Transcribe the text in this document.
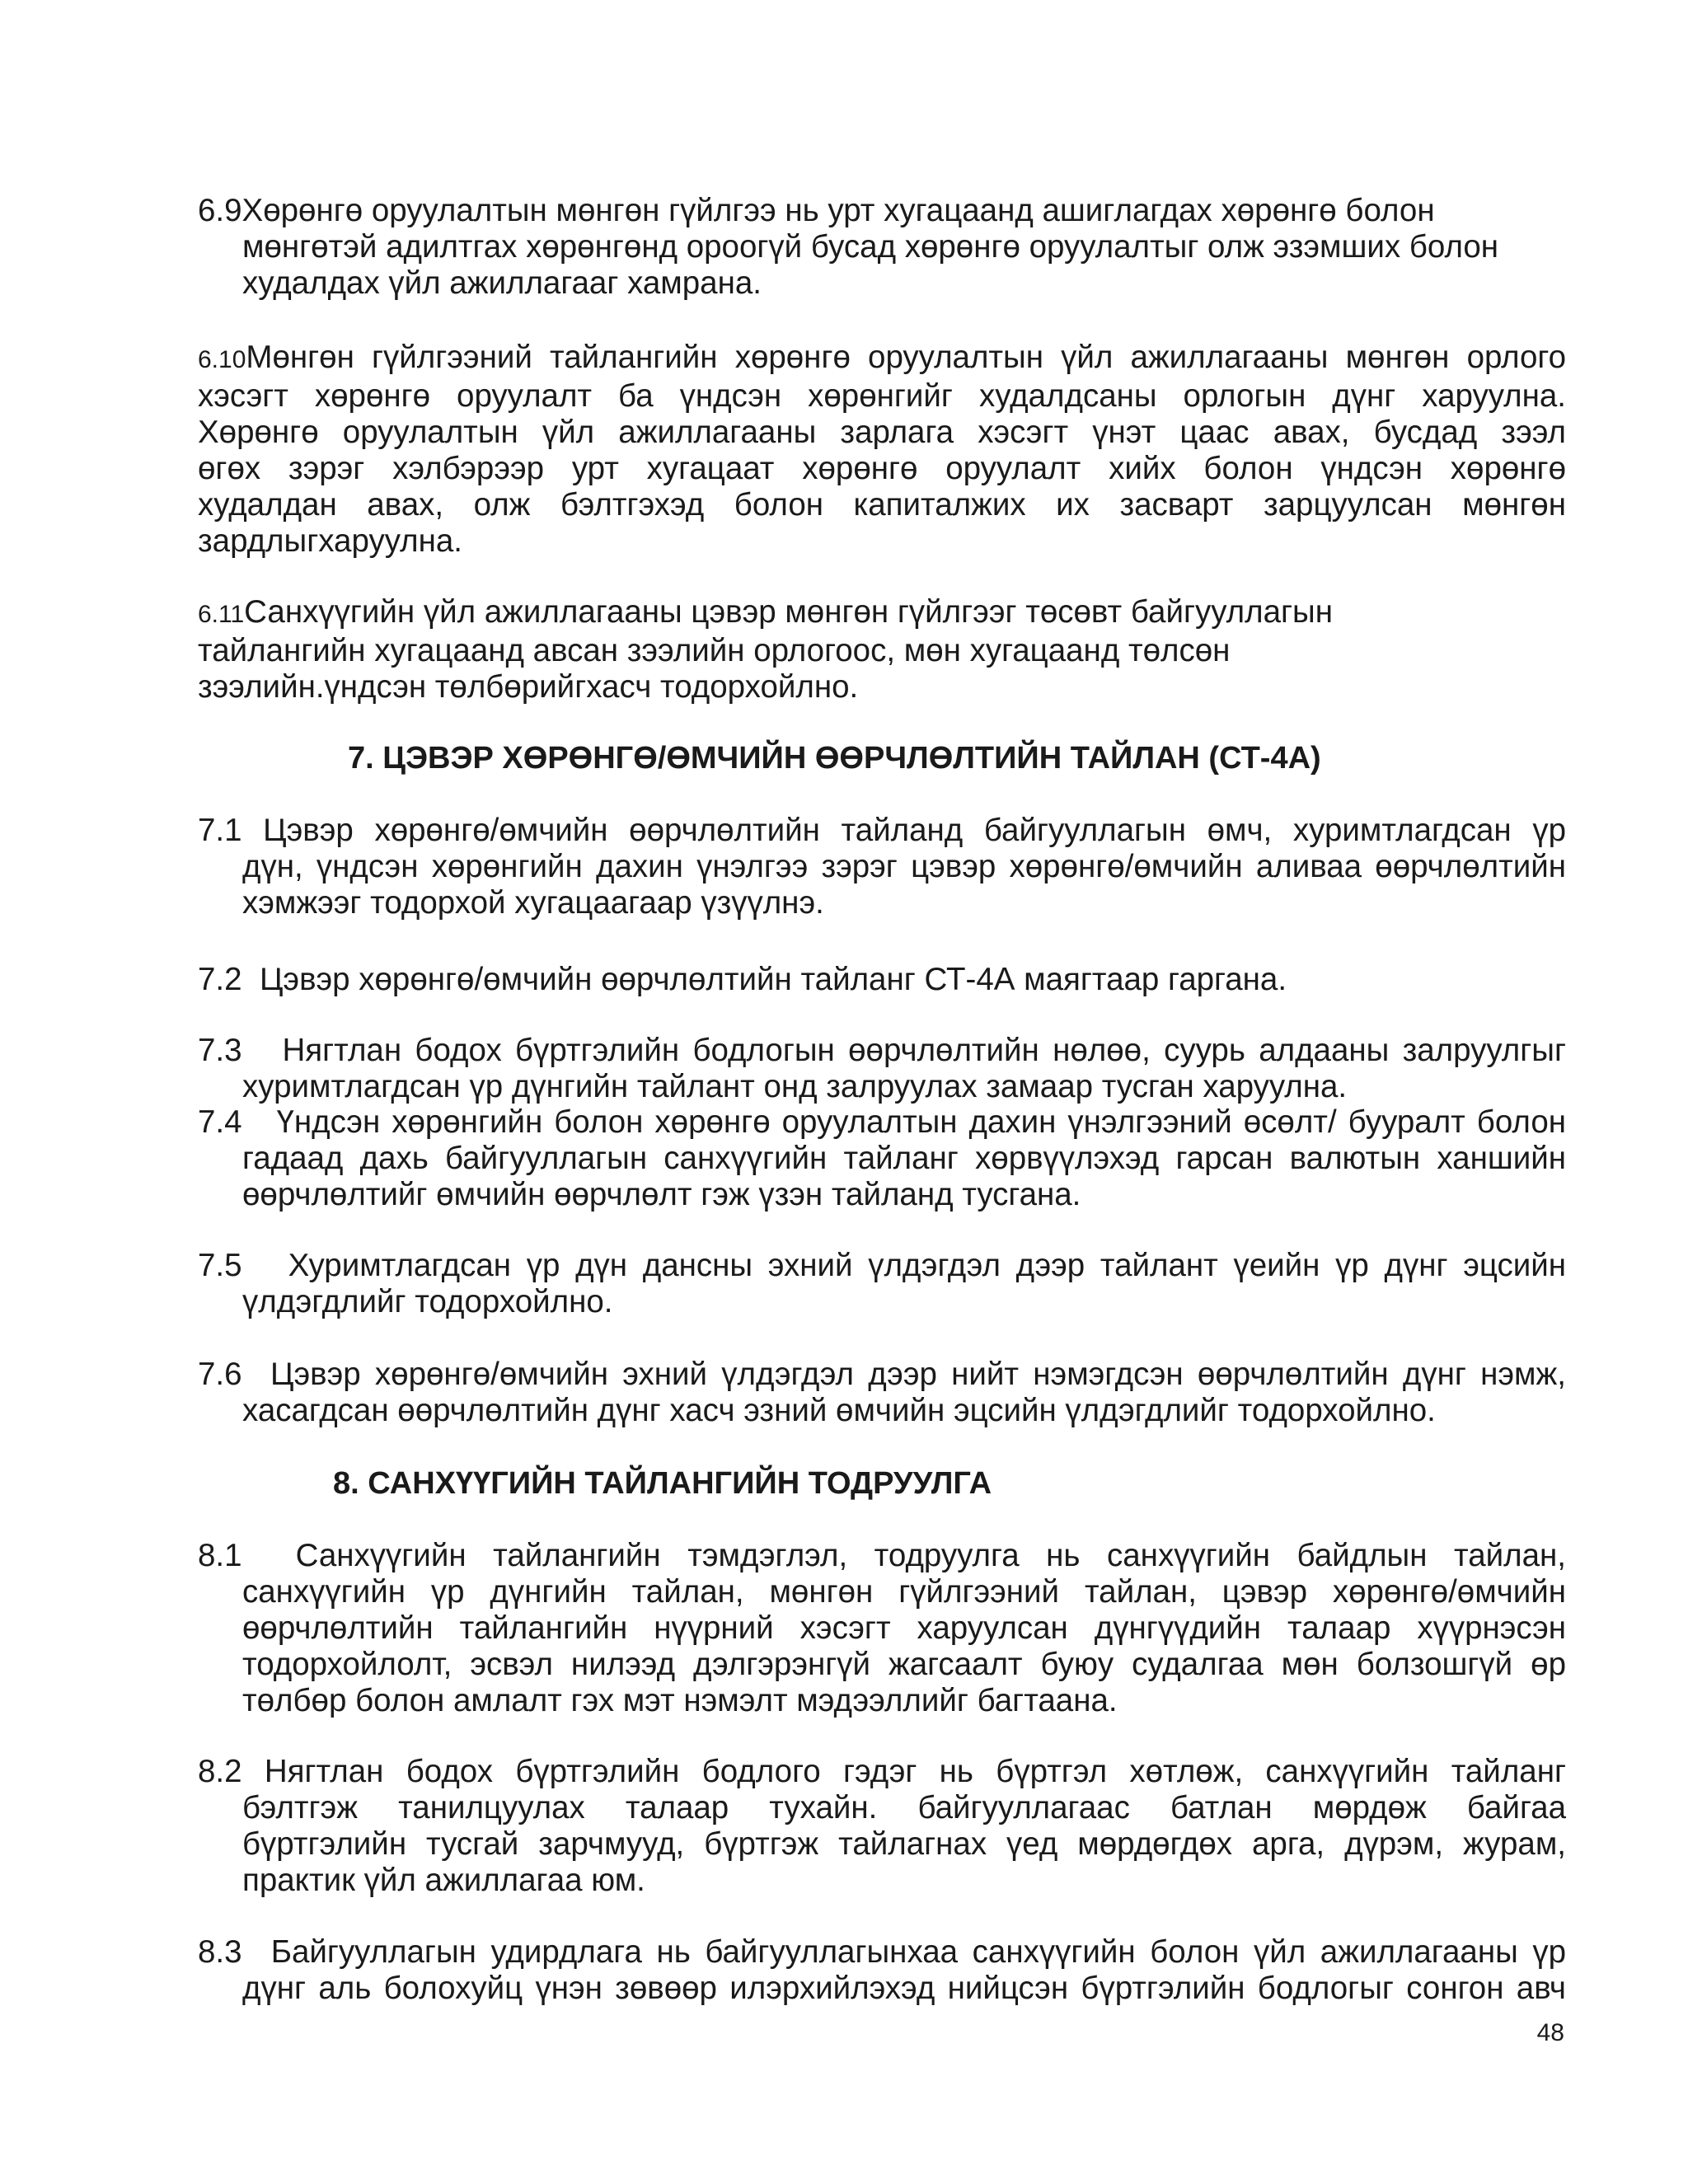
6.9Хөрөнгө оруулалтын мөнгөн гүйлгээ нь урт хугацаанд ашиглагдах хөрөнгө болон
мөнгөтэй адилтгах хөрөнгөнд ороогүй бусад хөрөнгө оруулалтыг олж эзэмших болон
худалдах үйл ажиллагааг хамрана.
6.10Мөнгөн гүйлгээний тайлангийн хөрөнгө оруулалтын үйл ажиллагааны мөнгөн орлого
хэсэгт хөрөнгө оруулалт ба үндсэн хөрөнгийг худалдсаны орлогын дүнг харуулна.
Хөрөнгө оруулалтын үйл ажиллагааны зарлага хэсэгт үнэт цаас авах, бусдад зээл
өгөх зэрэг хэлбэрээр урт хугацаат хөрөнгө оруулалт хийх болон үндсэн хөрөнгө
худалдан авах, олж бэлтгэхэд болон капиталжих их засварт зарцуулсан мөнгөн
зардлыгхаруулна.
6.11Санхүүгийн үйл ажиллагааны цэвэр мөнгөн гүйлгээг төсөвт байгууллагын
тайлангийн хугацаанд авсан зээлийн орлогоос, мөн хугацаанд төлсөн
зээлийн.үндсэн төлбөрийгхасч тодорхойлно.
7. ЦЭВЭР ХӨРӨНГӨ/ӨМЧИЙН ӨӨРЧЛӨЛТИЙН ТАЙЛАН (СТ-4А)
7.1 Цэвэр хөрөнгө/өмчийн өөрчлөлтийн тайланд байгууллагын өмч, хуримтлагдсан үр
дүн, үндсэн хөрөнгийн дахин үнэлгээ зэрэг цэвэр хөрөнгө/өмчийн аливаа өөрчлөлтийн
хэмжээг тодорхой хугацаагаар үзүүлнэ.
7.2 Цэвэр хөрөнгө/өмчийн өөрчлөлтийн тайланг СТ-4А маягтаар гаргана.
7.3 Нягтлан бодох бүртгэлийн бодлогын өөрчлөлтийн нөлөө, суурь алдааны залруулгыг
хуримтлагдсан үр дүнгийн тайлант онд залруулах замаар тусган харуулна.
7.4 Үндсэн хөрөнгийн болон хөрөнгө оруулалтын дахин үнэлгээний өсөлт/ бууралт болон
гадаад дахь байгууллагын санхүүгийн тайланг хөрвүүлэхэд гарсан валютын ханшийн
өөрчлөлтийг өмчийн өөрчлөлт гэж үзэн тайланд тусгана.
7.5 Хуримтлагдсан үр дүн дансны эхний үлдэгдэл дээр тайлант үеийн үр дүнг эцсийн
үлдэгдлийг тодорхойлно.
7.6 Цэвэр хөрөнгө/өмчийн эхний үлдэгдэл дээр нийт нэмэгдсэн өөрчлөлтийн дүнг нэмж,
хасагдсан өөрчлөлтийн дүнг хасч эзний өмчийн эцсийн үлдэгдлийг тодорхойлно.
8. САНХҮҮГИЙН ТАЙЛАНГИЙН ТОДРУУЛГА
8.1 Санхүүгийн тайлангийн тэмдэглэл, тодруулга нь санхүүгийн байдлын тайлан,
санхүүгийн үр дүнгийн тайлан, мөнгөн гүйлгээний тайлан, цэвэр хөрөнгө/өмчийн
өөрчлөлтийн тайлангийн нүүрний хэсэгт харуулсан дүнгүүдийн талаар хүүрнэсэн
тодорхойлолт, эсвэл нилээд дэлгэрэнгүй жагсаалт буюу судалгаа мөн болзошгүй өр
төлбөр болон амлалт гэх мэт нэмэлт мэдээллийг багтаана.
8.2 Нягтлан бодох бүртгэлийн бодлого гэдэг нь бүртгэл хөтлөж, санхүүгийн тайланг
бэлтгэж танилцуулах талаар тухайн. байгууллагаас батлан мөрдөж байгаа
бүртгэлийн тусгай зарчмууд, бүртгэж тайлагнах үед мөрдөгдөх арга, дүрэм, журам,
практик үйл ажиллагаа юм.
8.3 Байгууллагын удирдлага нь байгууллагынхаа санхүүгийн болон үйл ажиллагааны үр
дүнг аль болохуйц үнэн зөвөөр илэрхийлэхэд нийцсэн бүртгэлийн бодлогыг сонгон авч
48
